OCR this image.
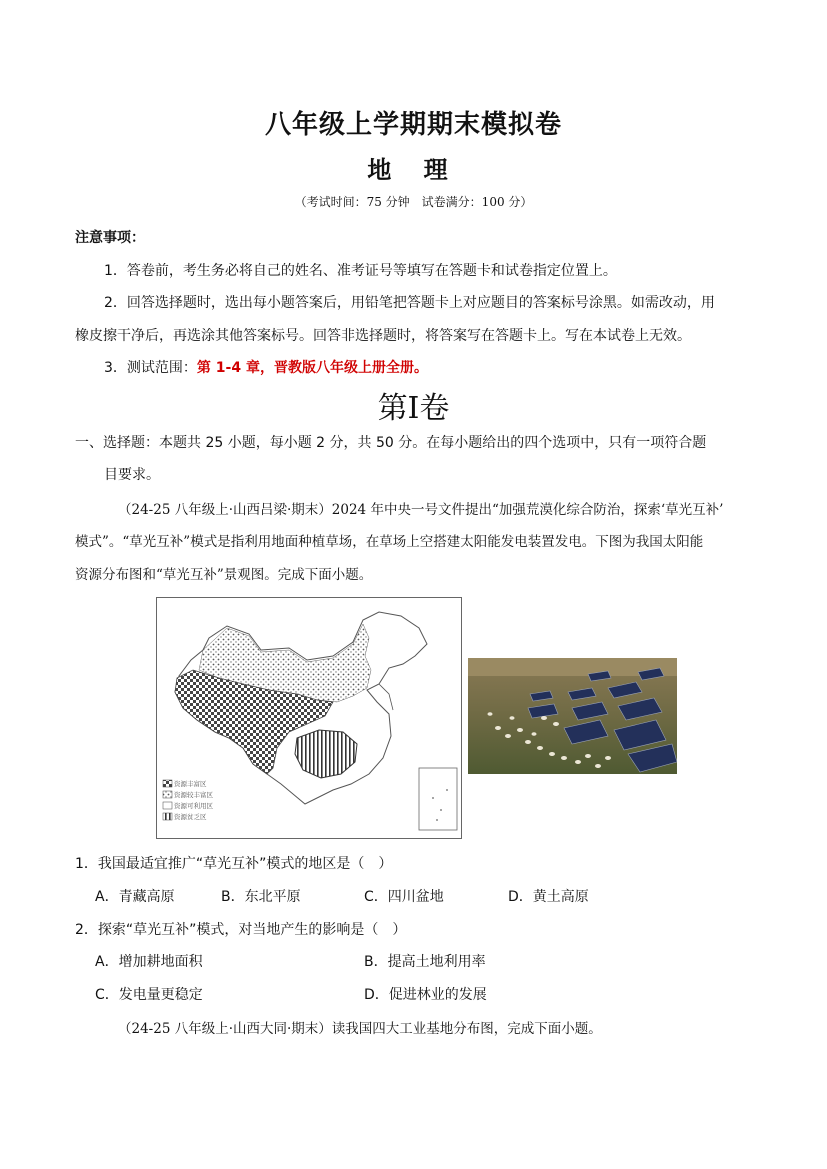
八年级上学期期末模拟卷
地 理
（考试时间：75 分钟　试卷满分：100 分）
注意事项：
1．答卷前，考生务必将自己的姓名、准考证号等填写在答题卡和试卷指定位置上。
2．回答选择题时，选出每小题答案后，用铅笔把答题卡上对应题目的答案标号涂黑。如需改动，用
橡皮擦干净后，再选涂其他答案标号。回答非选择题时，将答案写在答题卡上。写在本试卷上无效。
3．测试范围：第 1-4 章，晋教版八年级上册全册。
第I卷
一、选择题：本题共 25 小题，每小题 2 分，共 50 分。在每小题给出的四个选项中，只有一项符合题
目要求。
（24-25 八年级上·山西吕梁·期末）2024 年中央一号文件提出“加强荒漠化综合防治，探索‘草光互补’
模式”。“草光互补”模式是指利用地面种植草场，在草场上空搭建太阳能发电装置发电。下图为我国太阳能
资源分布图和“草光互补”景观图。完成下面小题。
资源丰富区
资源较丰富区
资源可利用区
资源贫乏区
1．我国最适宜推广“草光互补”模式的地区是（　）
A．青藏高原	B．东北平原	C．四川盆地	D．黄土高原
2．探索“草光互补”模式，对当地产生的影响是（　）
A．增加耕地面积	B．提高土地利用率
C．发电量更稳定	D．促进林业的发展
（24-25 八年级上·山西大同·期末）读我国四大工业基地分布图，完成下面小题。
